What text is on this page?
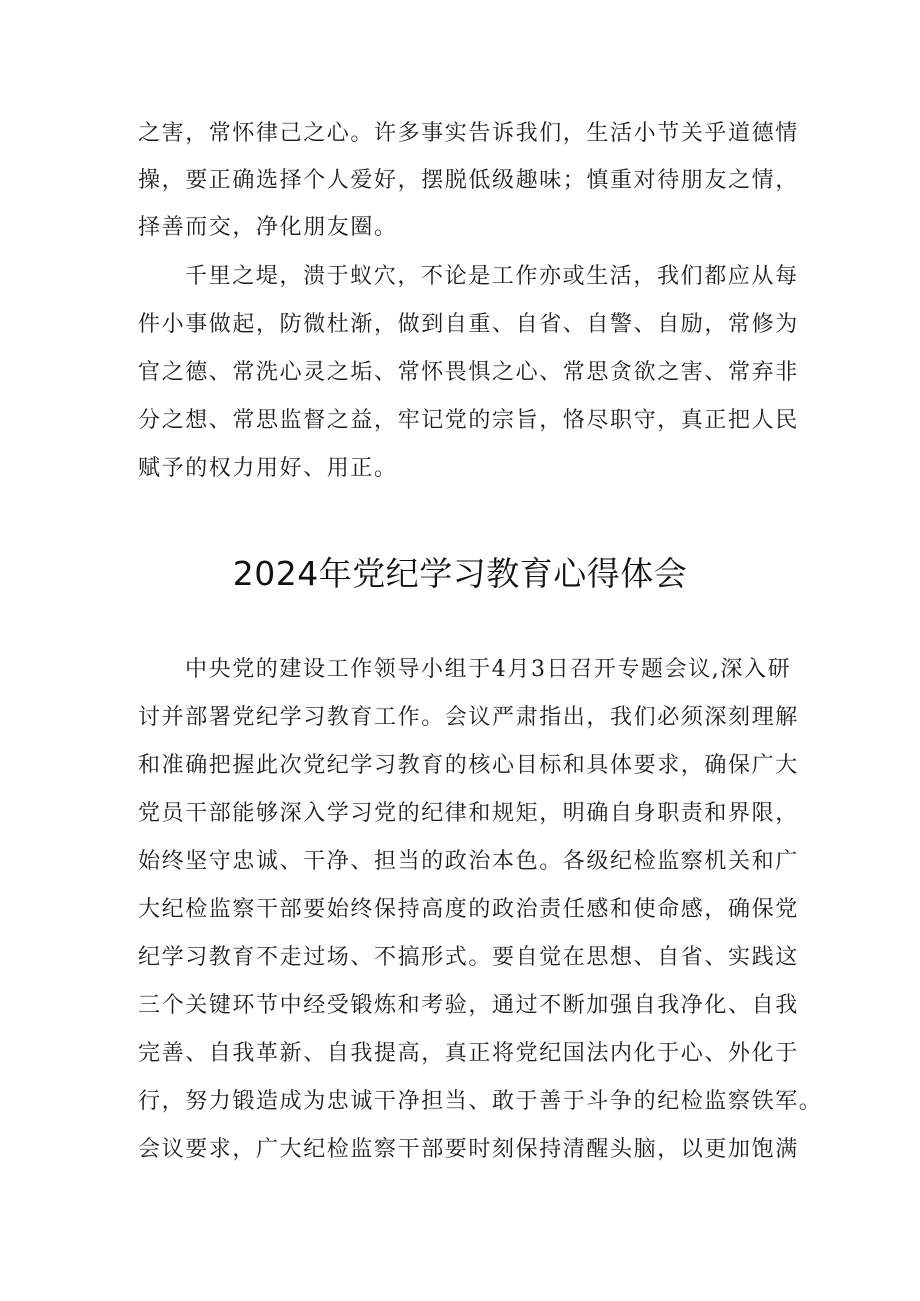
之害，常怀律己之心。许多事实告诉我们，生活小节关乎道德情
操，要正确选择个人爱好，摆脱低级趣味；慎重对待朋友之情，
择善而交，净化朋友圈。
千里之堤，溃于蚁穴，不论是工作亦或生活，我们都应从每
件小事做起，防微杜渐，做到自重、自省、自警、自励，常修为
官之德、常洗心灵之垢、常怀畏惧之心、常思贪欲之害、常弃非
分之想、常思监督之益，牢记党的宗旨，恪尽职守，真正把人民
赋予的权力用好、用正。
2024年党纪学习教育心得体会
中央党的建设工作领导小组于4月3日召开专题会议,深入研
讨并部署党纪学习教育工作。会议严肃指出，我们必须深刻理解
和准确把握此次党纪学习教育的核心目标和具体要求，确保广大
党员干部能够深入学习党的纪律和规矩，明确自身职责和界限，
始终坚守忠诚、干净、担当的政治本色。各级纪检监察机关和广
大纪检监察干部要始终保持高度的政治责任感和使命感，确保党
纪学习教育不走过场、不搞形式。要自觉在思想、自省、实践这
三个关键环节中经受锻炼和考验，通过不断加强自我净化、自我
完善、自我革新、自我提高，真正将党纪国法内化于心、外化于
行，努力锻造成为忠诚干净担当、敢于善于斗争的纪检监察铁军。
会议要求，广大纪检监察干部要时刻保持清醒头脑，以更加饱满
